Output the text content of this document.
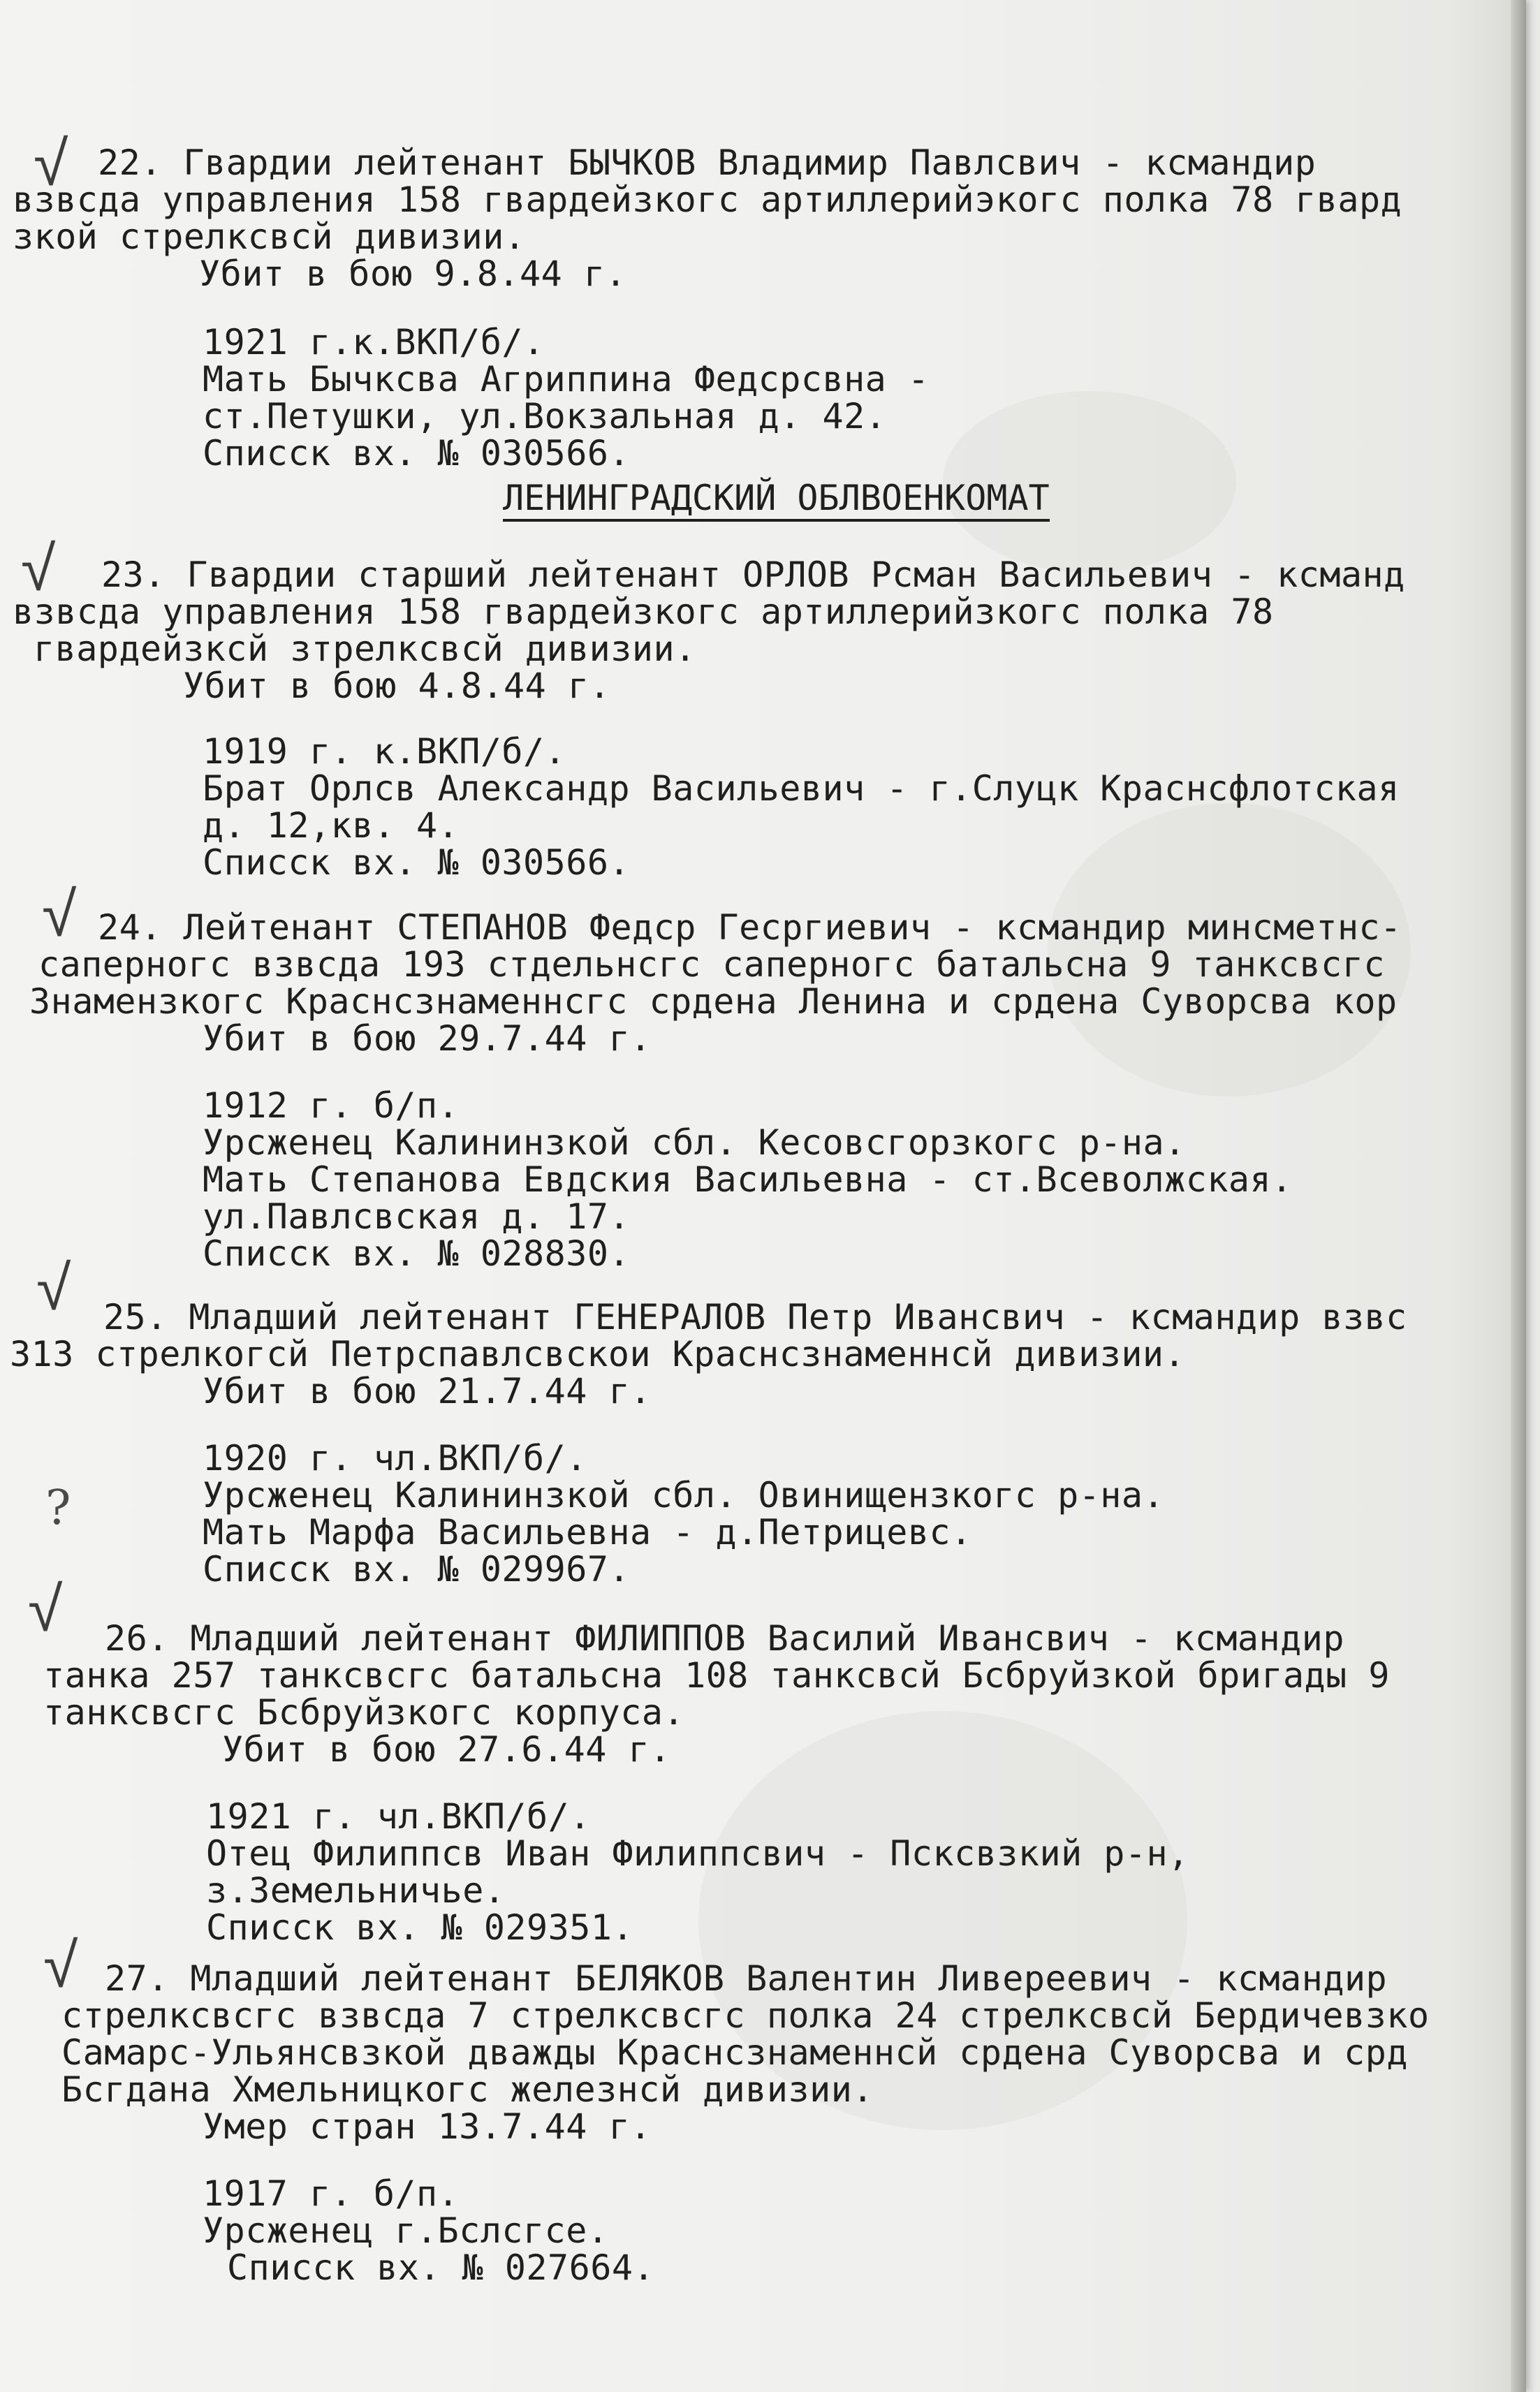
√
√
√
√
√
√
?
22. Гвардии лейтенант БЫЧКОВ Владимир Павлсвич - ксмандир
взвсда управления 158 гвардейзкогс артиллерийэкогс полка 78 гвард
зкой стрелксвсй дивизии.
Убит в бою 9.8.44 г.
1921 г.к.ВКП/б/.
Мать Бычксва Агриппина Федсрсвна -
ст.Петушки, ул.Вокзальная д. 42.
Списск вх. № 030566.
ЛЕНИНГРАДСКИЙ ОБЛВОЕНКОМАТ
23. Гвардии старший лейтенант ОРЛОВ Рсман Васильевич - ксманд
взвсда управления 158 гвардейзкогс артиллерийзкогс полка 78
гвардейзксй зтрелксвсй дивизии.
Убит в бою 4.8.44 г.
1919 г. к.ВКП/б/.
Брат Орлсв Александр Васильевич - г.Слуцк Краснсфлотская
д. 12,кв. 4.
Списск вх. № 030566.
24. Лейтенант СТЕПАНОВ Федср Гесргиевич - ксмандир минсметнс-
саперногс взвсда 193 стдельнсгс саперногс батальсна 9 танксвсгс
Знамензкогс Краснсзнаменнсгс срдена Ленина и срдена Суворсва кор
Убит в бою 29.7.44 г.
1912 г. б/п.
Урсженец Калининзкой сбл. Кесовсгорзкогс р-на.
Мать Степанова Евдския Васильевна - ст.Всеволжская.
ул.Павлсвская д. 17.
Списск вх. № 028830.
25. Младший лейтенант ГЕНЕРАЛОВ Петр Ивансвич - ксмандир взвс
313 стрелкогсй Петрспавлсвскои Краснсзнаменнсй дивизии.
Убит в бою 21.7.44 г.
1920 г. чл.ВКП/б/.
Урсженец Калининзкой сбл. Овинищензкогс р-на.
Мать Марфа Васильевна - д.Петрицевс.
Списск вх. № 029967.
26. Младший лейтенант ФИЛИППОВ Василий Ивансвич - ксмандир
танка 257 танксвсгс батальсна 108 танксвсй Бсбруйзкой бригады 9
танксвсгс Бсбруйзкогс корпуса.
Убит в бою 27.6.44 г.
1921 г. чл.ВКП/б/.
Отец Филиппсв Иван Филиппсвич - Псксвзкий р-н,
з.Земельничье.
Списск вх. № 029351.
27. Младший лейтенант БЕЛЯКОВ Валентин Ливереевич - ксмандир
стрелксвсгс взвсда 7 стрелксвсгс полка 24 стрелксвсй Бердичевзко
Самарс-Ульянсвзкой дважды Краснсзнаменнсй срдена Суворсва и срд
Бсгдана Хмельницкогс железнсй дивизии.
Умер стран 13.7.44 г.
1917 г. б/п.
Урсженец г.Бслсгсе.
Списск вх. № 027664.
